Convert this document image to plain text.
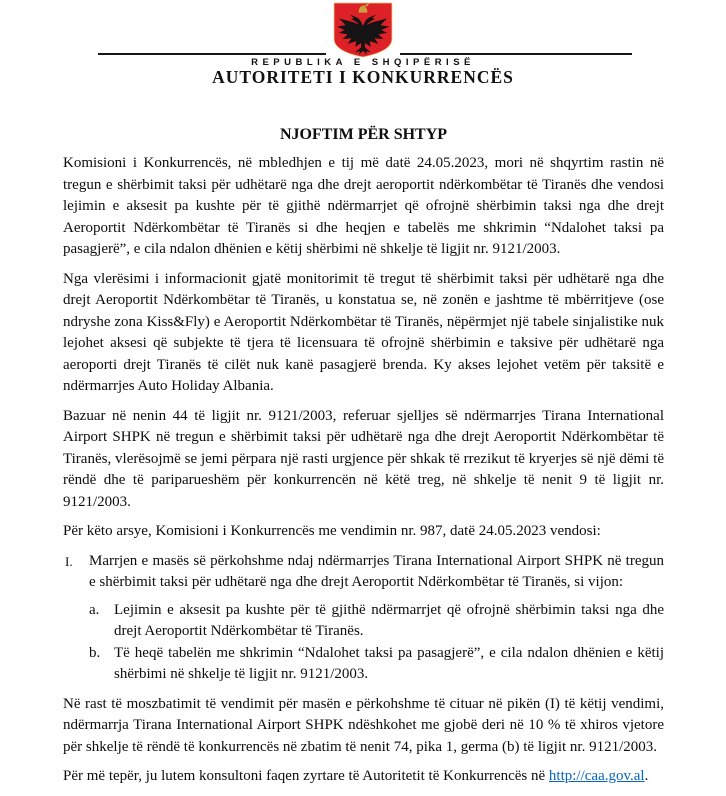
REPUBLIKA E SHQIPËRISË
AUTORITETI I KONKURRENCËS
NJOFTIM PËR SHTYP

Komisioni i Konkurrencës, në mbledhjen e tij më datë 24.05.2023, mori në shqyrtim rastin në tregun e shërbimit taksi për udhëtarë nga dhe drejt aeroportit ndërkombëtar të Tiranës dhe vendosi lejimin e aksesit pa kushte për të gjithë ndërmarrjet që ofrojnë shërbimin taksi nga dhe drejt Aeroportit Ndërkombëtar të Tiranës si dhe heqjen e tabelës me shkrimin “Ndalohet taksi pa pasagjerë”, e cila ndalon dhënien e këtij shërbimi në shkelje të ligjit nr. 9121/2003.

Nga vlerësimi i informacionit gjatë monitorimit të tregut të shërbimit taksi për udhëtarë nga dhe drejt Aeroportit Ndërkombëtar të Tiranës, u konstatua se, në zonën e jashtme të mbërritjeve (ose ndryshe zona Kiss&Fly) e Aeroportit Ndërkombëtar të Tiranës, nëpërmjet një tabele sinjalistike nuk lejohet aksesi që subjekte të tjera të licensuara të ofrojnë shërbimin e taksive për udhëtarë nga aeroporti drejt Tiranës të cilët nuk kanë pasagjerë brenda. Ky akses lejohet vetëm për taksitë e ndërmarrjes Auto Holiday Albania.

Bazuar në nenin 44 të ligjit nr. 9121/2003, referuar sjelljes së ndërmarrjes Tirana International Airport SHPK në tregun e shërbimit taksi për udhëtarë nga dhe drejt Aeroportit Ndërkombëtar të Tiranës, vlerësojmë se jemi përpara një rasti urgjence për shkak të rrezikut të kryerjes së një dëmi të rëndë dhe të pariparueshëm për konkurrencën në këtë treg, në shkelje të nenit 9 të ligjit nr. 9121/2003.

Për këto arsye, Komisioni i Konkurrencës me vendimin nr. 987, datë 24.05.2023 vendosi:

I.	Marrjen e masës së përkohshme ndaj ndërmarrjes Tirana International Airport SHPK në tregun e shërbimit taksi për udhëtarë nga dhe drejt Aeroportit Ndërkombëtar të Tiranës, si vijon:
a. Lejimin e aksesit pa kushte për të gjithë ndërmarrjet që ofrojnë shërbimin taksi nga dhe drejt Aeroportit Ndërkombëtar të Tiranës.
b. Të heqë tabelën me shkrimin “Ndalohet taksi pa pasagjerë”, e cila ndalon dhënien e këtij shërbimi në shkelje të ligjit nr. 9121/2003.

Në rast të moszbatimit të vendimit për masën e përkohshme të cituar në pikën (I) të këtij vendimi, ndërmarrja Tirana International Airport SHPK ndëshkohet me gjobë deri në 10 % të xhiros vjetore për shkelje të rëndë të konkurrencës në zbatim të nenit 74, pika 1, germa (b) të ligjit nr. 9121/2003.

Për më tepër, ju lutem konsultoni faqen zyrtare të Autoritetit të Konkurrencës në http://caa.gov.al.
